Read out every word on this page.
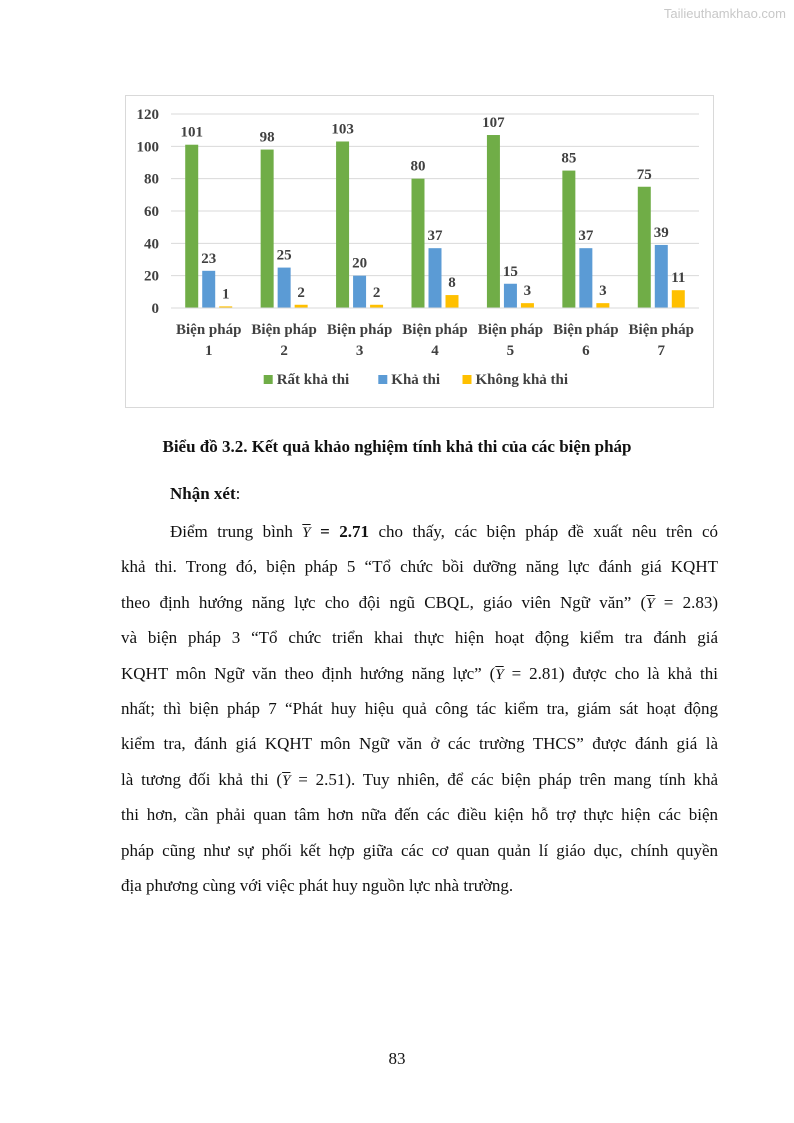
Tailieuthamkhao.com
0
20
40
60
80
100
120
101
23
1
Biện pháp
1
98
25
2
Biện pháp
2
103
20
2
Biện pháp
3
80
37
8
Biện pháp
4
107
15
3
Biện pháp
5
85
37
3
Biện pháp
6
75
39
11
Biện pháp
7
Rất khả thi	Khả thi Không khả thi
Biểu đồ 3.2. Kết quả khảo nghiệm tính khả thi của các biện pháp
Nhận xét:
Điểm trung bình $\overline{Y} = 2.71$ cho thấy, các biện pháp đề xuất nêu trên có
khả thi. Trong đó, biện pháp 5 “Tổ chức bồi dưỡng năng lực đánh giá KQHT
theo định hướng năng lực cho đội ngũ CBQL, giáo viên Ngữ văn” $(\overline{Y} = 2.83)$
và biện pháp 3 “Tổ chức triển khai thực hiện hoạt động kiểm tra đánh giá
KQHT môn Ngữ văn theo định hướng năng lực” $(\overline{Y} = 2.81)$ được cho là khả thi
nhất; thì biện pháp 7 “Phát huy hiệu quả công tác kiểm tra, giám sát hoạt động
kiểm tra, đánh giá KQHT môn Ngữ văn ở các trường THCS” được đánh giá là
là tương đối khả thi $(\overline{Y} = 2.51)$. Tuy nhiên, để các biện pháp trên mang tính khả
thi hơn, cần phải quan tâm hơn nữa đến các điều kiện hỗ trợ thực hiện các biện
pháp cũng như sự phối kết hợp giữa các cơ quan quản lí giáo dục, chính quyền
địa phương cùng với việc phát huy nguồn lực nhà trường.
83
